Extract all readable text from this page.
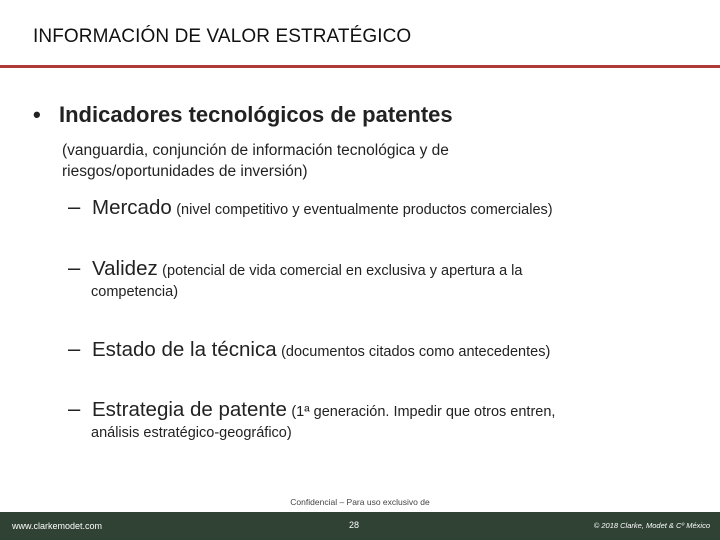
INFORMACIÓN DE VALOR ESTRATÉGICO
• Indicadores tecnológicos de patentes
(vanguardia, conjunción de información tecnológica y de riesgos/oportunidades de inversión)
– Mercado (nivel competitivo y eventualmente productos comerciales)
– Validez (potencial de vida comercial en exclusiva y apertura a la
competencia)
– Estado de la técnica (documentos citados como antecedentes)
– Estrategia de patente (1ª generación. Impedir que otros entren,
análisis estratégico-geográfico)
Confidencial – Para uso exclusivo de
www.clarkemodet.com	28	© 2018 Clarke, Modet & Cº México
